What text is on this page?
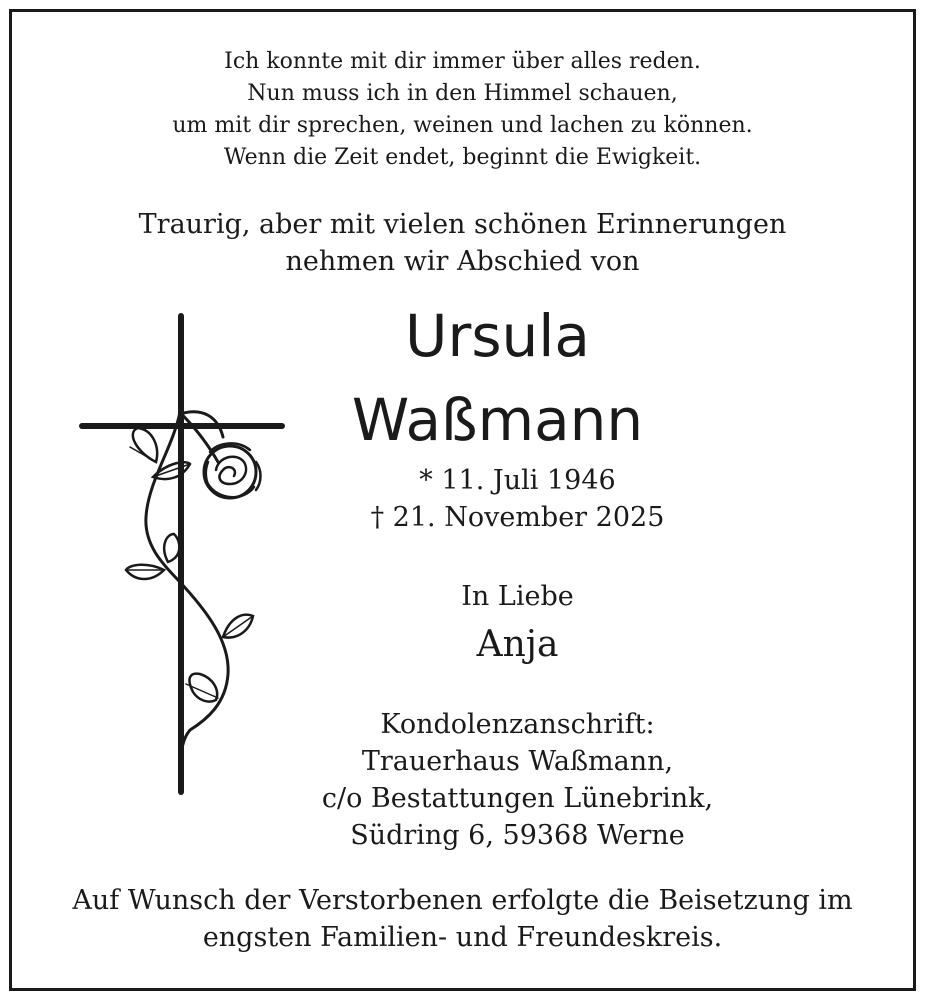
Ich konnte mit dir immer über alles reden.
Nun muss ich in den Himmel schauen,
um mit dir sprechen, weinen und lachen zu können.
Wenn die Zeit endet, beginnt die Ewigkeit.
Traurig, aber mit vielen schönen Erinnerungen
nehmen wir Abschied von
Ursula
Waßmann
* 11. Juli 1946
† 21. November 2025
In Liebe
Anja
Kondolenzanschrift:
Trauerhaus Waßmann,
c/o Bestattungen Lünebrink,
Südring 6, 59368 Werne
Auf Wunsch der Verstorbenen erfolgte die Beisetzung im
engsten Familien- und Freundeskreis.
